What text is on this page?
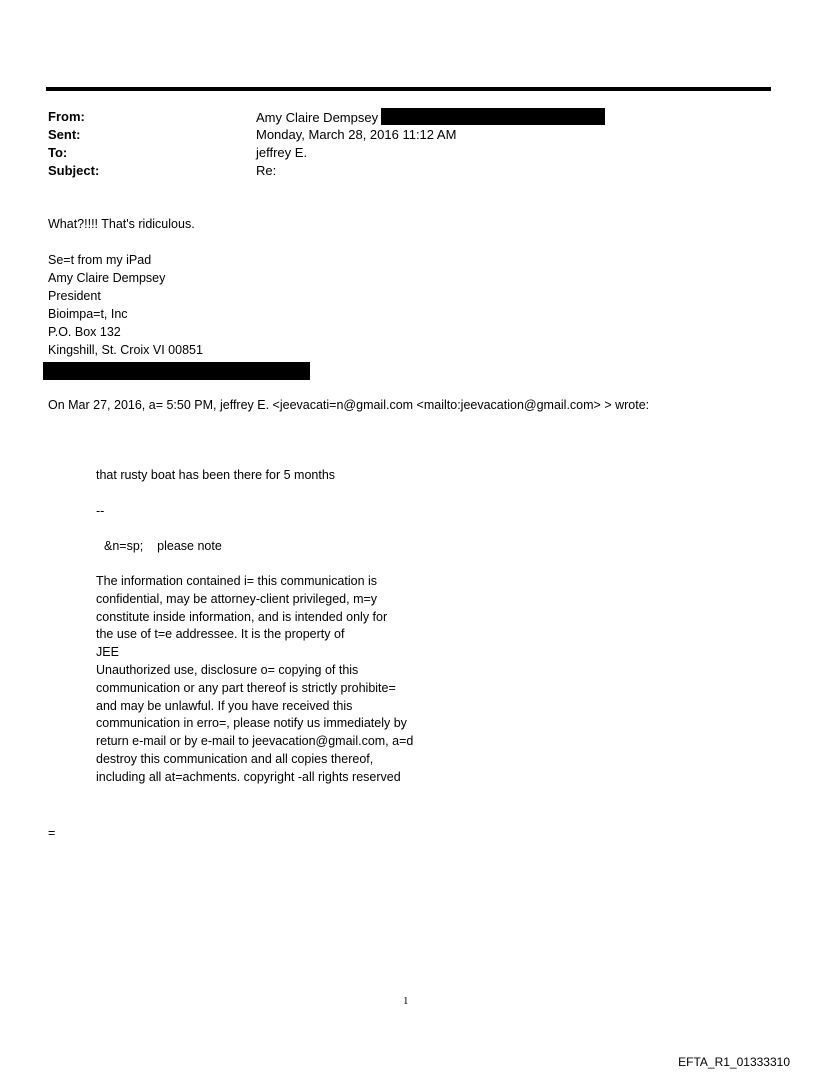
From:	Amy Claire Dempsey
Sent:	Monday, March 28, 2016 11:12 AM
To:	jeffrey E.
Subject:	Re:
What?!!!! That's ridiculous.
Se=t from my iPad
Amy Claire Dempsey
President
Bioimpa=t, Inc
P.O. Box 132
Kingshill, St. Croix VI 00851
On Mar 27, 2016, a= 5:50 PM, jeffrey E. <jeevacati=n@gmail.com <mailto:jeevacation@gmail.com> > wrote:
that rusty boat has been there for 5 months
--
&n=sp;    please note
The information contained i= this communication is
confidential, may be attorney-client privileged, m=y
constitute inside information, and is intended only for
the use of t=e addressee. It is the property of
JEE
Unauthorized use, disclosure o= copying of this
communication or any part thereof is strictly prohibite=
and may be unlawful. If you have received this
communication in erro=, please notify us immediately by
return e-mail or by e-mail to jeevacation@gmail.com, a=d
destroy this communication and all copies thereof,
including all at=achments. copyright -all rights reserved
=
1
EFTA_R1_01333310
